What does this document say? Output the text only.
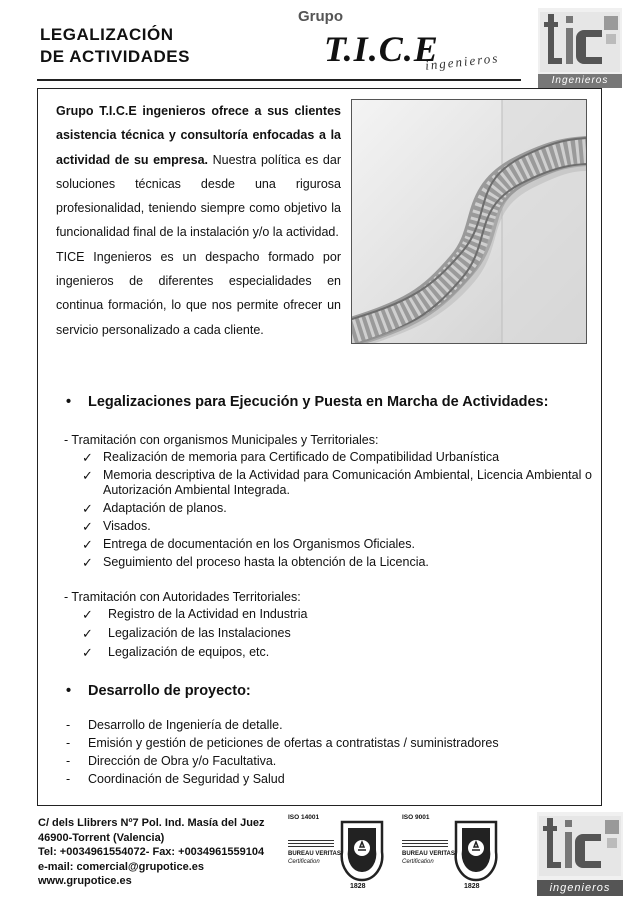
LEGALIZACIÓN
DE ACTIVIDADES
Grupo
T.I.C.E
ingenieros
Ingenieros

Grupo T.I.C.E ingenieros ofrece a sus clientes asistencia técnica y consultoría enfocadas a la actividad de su empresa. Nuestra política es dar soluciones técnicas desde una rigurosa profesionalidad, teniendo siempre como objetivo la funcionalidad final de la instalación y/o la actividad.

TICE Ingenieros es un despacho formado por ingenieros de diferentes especialidades en continua formación, lo que nos permite ofrecer un servicio personalizado a cada cliente.

• Legalizaciones para Ejecución y Puesta en Marcha de Actividades:
- Tramitación con organismos Municipales y Territoriales:
✓ Realización de memoria para Certificado de Compatibilidad Urbanística
✓ Memoria descriptiva de la Actividad para Comunicación Ambiental, Licencia Ambiental o Autorización Ambiental Integrada.
✓ Adaptación de planos.
✓ Visados.
✓ Entrega de documentación en los Organismos Oficiales.
✓ Seguimiento del proceso hasta la obtención de la Licencia.
- Tramitación con Autoridades Territoriales:
✓ Registro de la Actividad en Industria
✓ Legalización de las Instalaciones
✓ Legalización de equipos, etc.
• Desarrollo de proyecto:
- Desarrollo de Ingeniería de detalle.
- Emisión y gestión de peticiones de ofertas a contratistas / suministradores
- Dirección de Obra y/o Facultativa.
- Coordinación de Seguridad y Salud
C/ dels Llibrers Nº7 Pol. Ind. Masía del Juez
46900-Torrent (Valencia)
Tel: +0034961554072- Fax: +0034961559104
e-mail: comercial@grupotice.es
www.grupotice.es
ISO 14001
BUREAU VERITAS
Certification
1828
ISO 9001
BUREAU VERITAS
Certification
1828	ingenieros
